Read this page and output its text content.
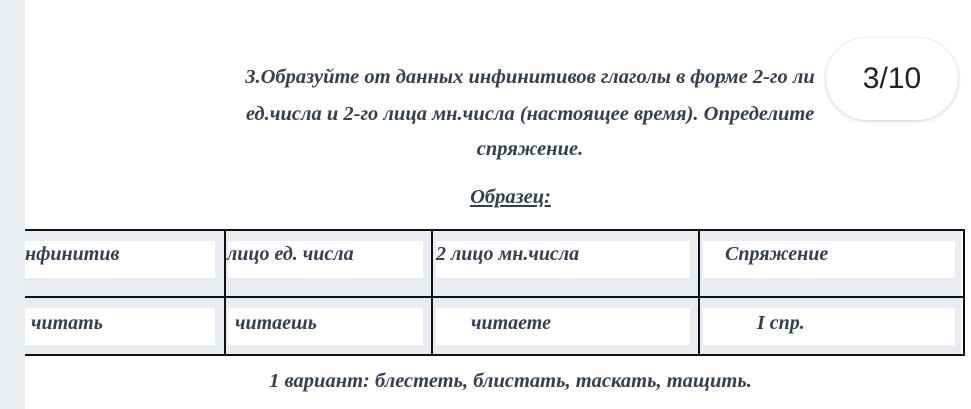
3.Образуйте от данных инфинитивов глаголы в форме 2-го ли
ед.числа и 2-го лица мн.числа (настоящее время). Определите
спряжение.
Образец:
нфинитив	лицо ед. числа	2 лицо мн.числа	Спряжение
читать	читаешь	читаете	I спр.
1 вариант: блестеть, блистать, таскать, тащить.
3/10
